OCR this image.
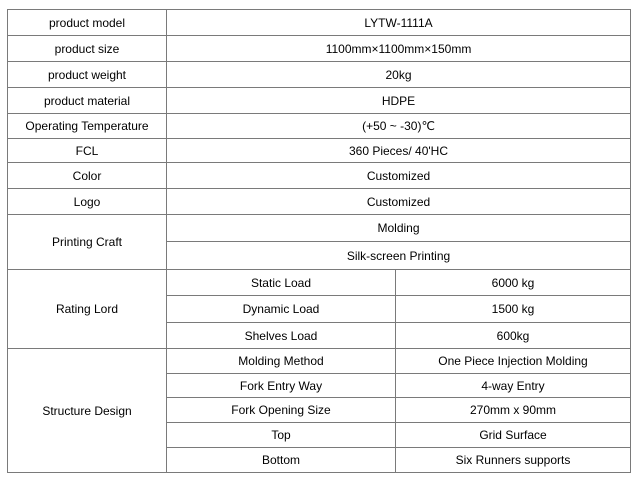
product model	LYTW-1111A	
product size	1100mm×1100mm×150mm	
product weight	20kg	
product material	HDPE	
Operating Temperature	(+50 ~ -30)℃	
FCL	360 Pieces/ 40'HC	
Color	Customized	
Logo	Customized	
Printing Craft	Molding	
	Silk-screen Printing	
Rating Lord	Static Load	6000 kg
	Dynamic Load	1500 kg
	Shelves Load	600kg
Structure Design	Molding Method	One Piece Injection Molding
	Fork Entry Way	4-way Entry
	Fork Opening Size	270mm x 90mm
	Top	Grid Surface
	Bottom	Six Runners supports
